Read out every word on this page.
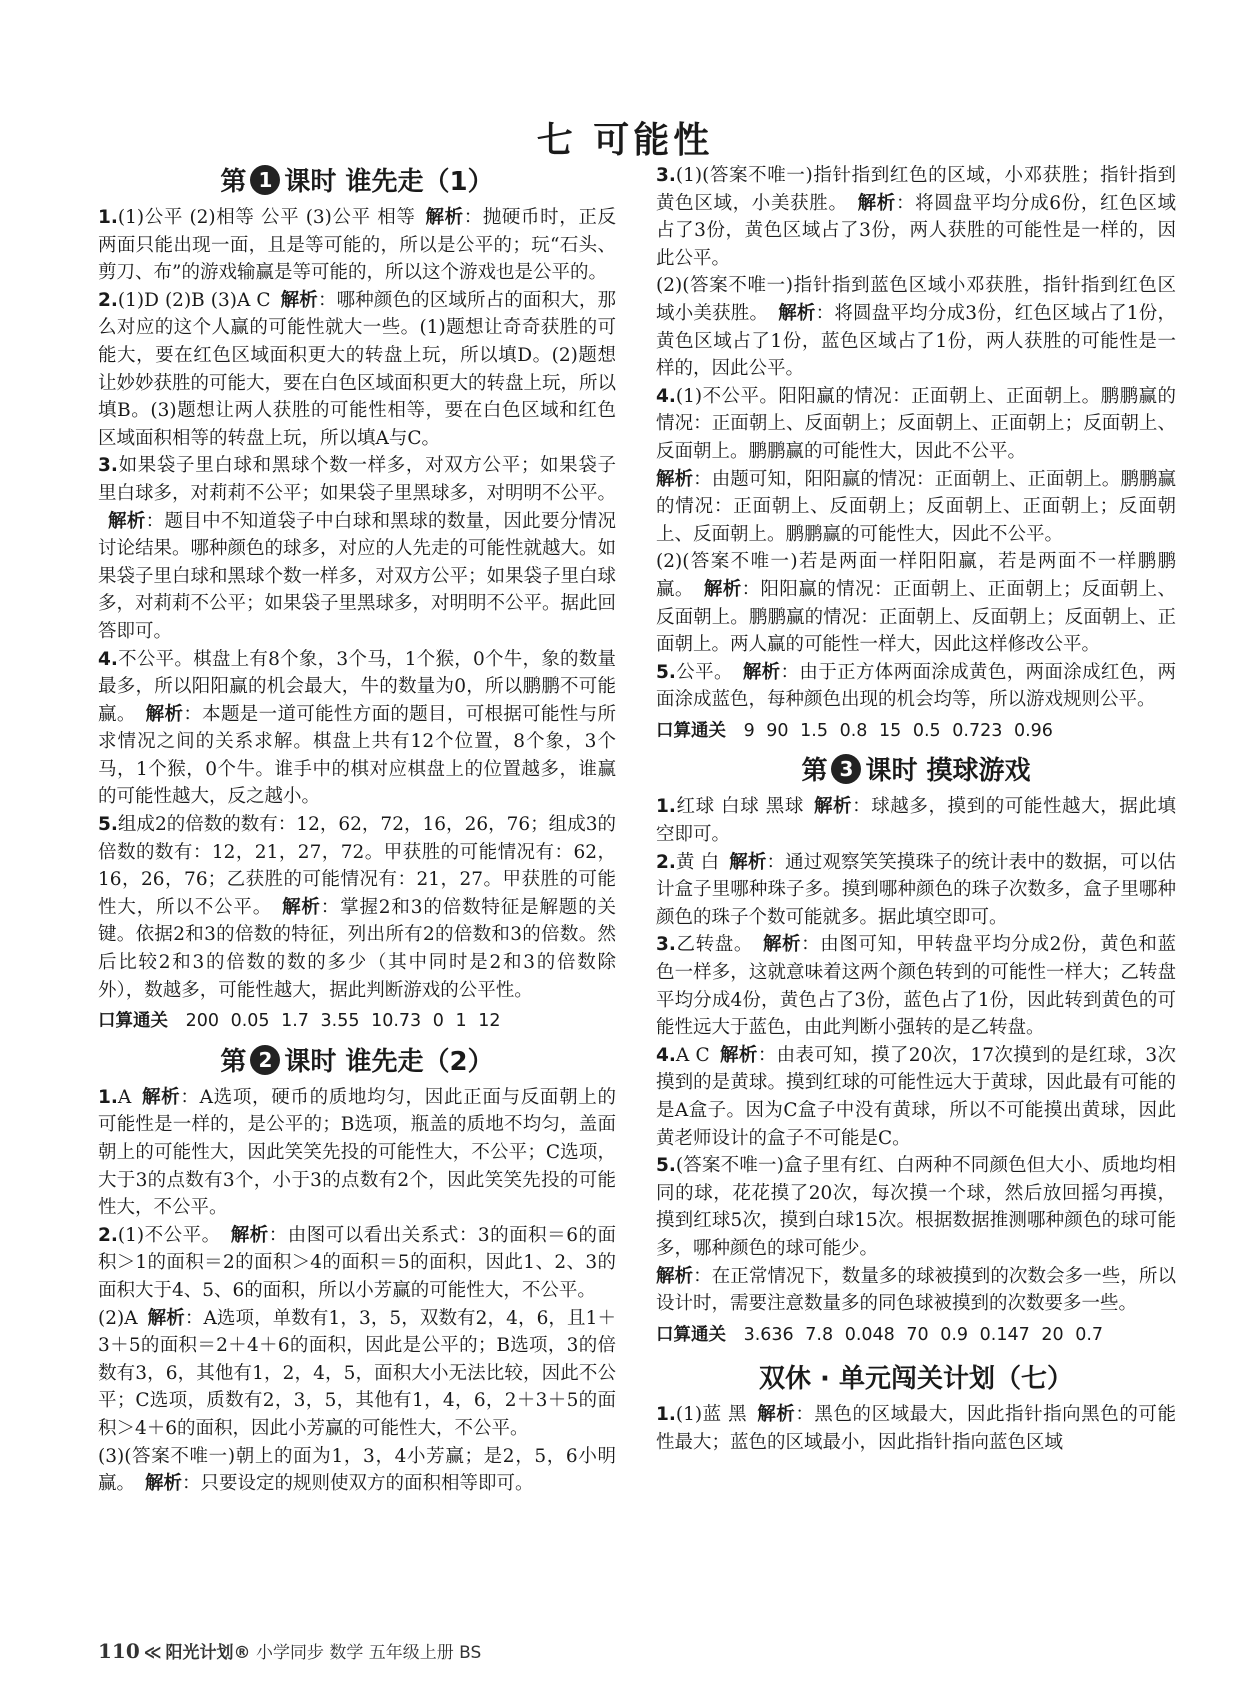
七 可能性
第 1 课时 谁先走（1）
1.(1)公平 (2)相等 公平 (3)公平 相等 解析：抛硬币时，正反两面只能出现一面，且是等可能的，所以是公平的；玩“石头、剪刀、布”的游戏输赢是等可能的，所以这个游戏也是公平的。
2.(1)D (2)B (3)A C 解析：哪种颜色的区域所占的面积大，那么对应的这个人赢的可能性就大一些。(1)题想让奇奇获胜的可能大，要在红色区域面积更大的转盘上玩，所以填D。(2)题想让妙妙获胜的可能大，要在白色区域面积更大的转盘上玩，所以填B。(3)题想让两人获胜的可能性相等，要在白色区域和红色区域面积相等的转盘上玩，所以填A与C。
3.如果袋子里白球和黑球个数一样多，对双方公平；如果袋子里白球多，对莉莉不公平；如果袋子里黑球多，对明明不公平。解析：题目中不知道袋子中白球和黑球的数量，因此要分情况讨论结果。哪种颜色的球多，对应的人先走的可能性就越大。如果袋子里白球和黑球个数一样多，对双方公平；如果袋子里白球多，对莉莉不公平；如果袋子里黑球多，对明明不公平。据此回答即可。
4.不公平。棋盘上有8个象，3个马，1个猴，0个牛，象的数量最多，所以阳阳赢的机会最大，牛的数量为0，所以鹏鹏不可能赢。 解析：本题是一道可能性方面的题目，可根据可能性与所求情况之间的关系求解。棋盘上共有12个位置，8个象，3个马，1个猴，0个牛。谁手中的棋对应棋盘上的位置越多，谁赢的可能性越大，反之越小。
5.组成2的倍数的数有：12，62，72，16，26，76；组成3的倍数的数有：12，21，27，72。甲获胜的可能情况有：62，16，26，76；乙获胜的可能情况有：21，27。甲获胜的可能性大，所以不公平。 解析：掌握2和3的倍数特征是解题的关键。依据2和3的倍数的特征，列出所有2的倍数和3的倍数。然后比较2和3的倍数的数的多少（其中同时是2和3的倍数除外），数越多，可能性越大，据此判断游戏的公平性。
口算通关 200 0.05 1.7 3.55 10.73 0 1 12
第 2 课时 谁先走（2）
1.A 解析：A选项，硬币的质地均匀，因此正面与反面朝上的可能性是一样的，是公平的；B选项，瓶盖的质地不均匀，盖面朝上的可能性大，因此笑笑先投的可能性大，不公平；C选项，大于3的点数有3个，小于3的点数有2个，因此笑笑先投的可能性大，不公平。
2.(1)不公平。 解析：由图可以看出关系式：3的面积＝6的面积＞1的面积＝2的面积＞4的面积＝5的面积，因此1、2、3的面积大于4、5、6的面积，所以小芳赢的可能性大，不公平。
(2)A 解析：A选项，单数有1，3，5，双数有2，4，6，且1＋3＋5的面积＝2＋4＋6的面积，因此是公平的；B选项，3的倍数有3，6，其他有1，2，4，5，面积大小无法比较，因此不公平；C选项，质数有2，3，5，其他有1，4，6，2＋3＋5的面积＞4＋6的面积，因此小芳赢的可能性大，不公平。
(3)(答案不唯一)朝上的面为1，3，4小芳赢；是2，5，6小明赢。 解析：只要设定的规则使双方的面积相等即可。
3.(1)(答案不唯一)指针指到红色的区域，小邓获胜；指针指到黄色区域，小美获胜。 解析：将圆盘平均分成6份，红色区域占了3份，黄色区域占了3份，两人获胜的可能性是一样的，因此公平。
(2)(答案不唯一)指针指到蓝色区域小邓获胜，指针指到红色区域小美获胜。 解析：将圆盘平均分成3份，红色区域占了1份，黄色区域占了1份，蓝色区域占了1份，两人获胜的可能性是一样的，因此公平。
4.(1)不公平。阳阳赢的情况：正面朝上、正面朝上。鹏鹏赢的情况：正面朝上、反面朝上；反面朝上、正面朝上；反面朝上、反面朝上。鹏鹏赢的可能性大，因此不公平。
解析：由题可知，阳阳赢的情况：正面朝上、正面朝上。鹏鹏赢的情况：正面朝上、反面朝上；反面朝上、正面朝上；反面朝上、反面朝上。鹏鹏赢的可能性大，因此不公平。
(2)(答案不唯一)若是两面一样阳阳赢，若是两面不一样鹏鹏赢。 解析：阳阳赢的情况：正面朝上、正面朝上；反面朝上、反面朝上。鹏鹏赢的情况：正面朝上、反面朝上；反面朝上、正面朝上。两人赢的可能性一样大，因此这样修改公平。
5.公平。 解析：由于正方体两面涂成黄色，两面涂成红色，两面涂成蓝色，每种颜色出现的机会均等，所以游戏规则公平。
口算通关 9 90 1.5 0.8 15 0.5 0.723 0.96
第 3 课时 摸球游戏
1.红球 白球 黑球 解析：球越多，摸到的可能性越大，据此填空即可。
2.黄 白 解析：通过观察笑笑摸珠子的统计表中的数据，可以估计盒子里哪种珠子多。摸到哪种颜色的珠子次数多，盒子里哪种颜色的珠子个数可能就多。据此填空即可。
3.乙转盘。 解析：由图可知，甲转盘平均分成2份，黄色和蓝色一样多，这就意味着这两个颜色转到的可能性一样大；乙转盘平均分成4份，黄色占了3份，蓝色占了1份，因此转到黄色的可能性远大于蓝色，由此判断小强转的是乙转盘。
4.A C 解析：由表可知，摸了20次，17次摸到的是红球，3次摸到的是黄球。摸到红球的可能性远大于黄球，因此最有可能的是A盒子。因为C盒子中没有黄球，所以不可能摸出黄球，因此黄老师设计的盒子不可能是C。
5.(答案不唯一)盒子里有红、白两种不同颜色但大小、质地均相同的球，花花摸了20次，每次摸一个球，然后放回摇匀再摸，摸到红球5次，摸到白球15次。根据数据推测哪种颜色的球可能多，哪种颜色的球可能少。
解析：在正常情况下，数量多的球被摸到的次数会多一些，所以设计时，需要注意数量多的同色球被摸到的次数要多一些。
口算通关 3.636 7.8 0.048 70 0.9 0.147 20 0.7
双休 · 单元闯关计划（七）
1.(1)蓝 黑 解析：黑色的区域最大，因此指针指向黑色的可能性最大；蓝色的区域最小，因此指针指向蓝色区域
110 ≪ 阳光计划® 小学同步 数学 五年级上册 BS
